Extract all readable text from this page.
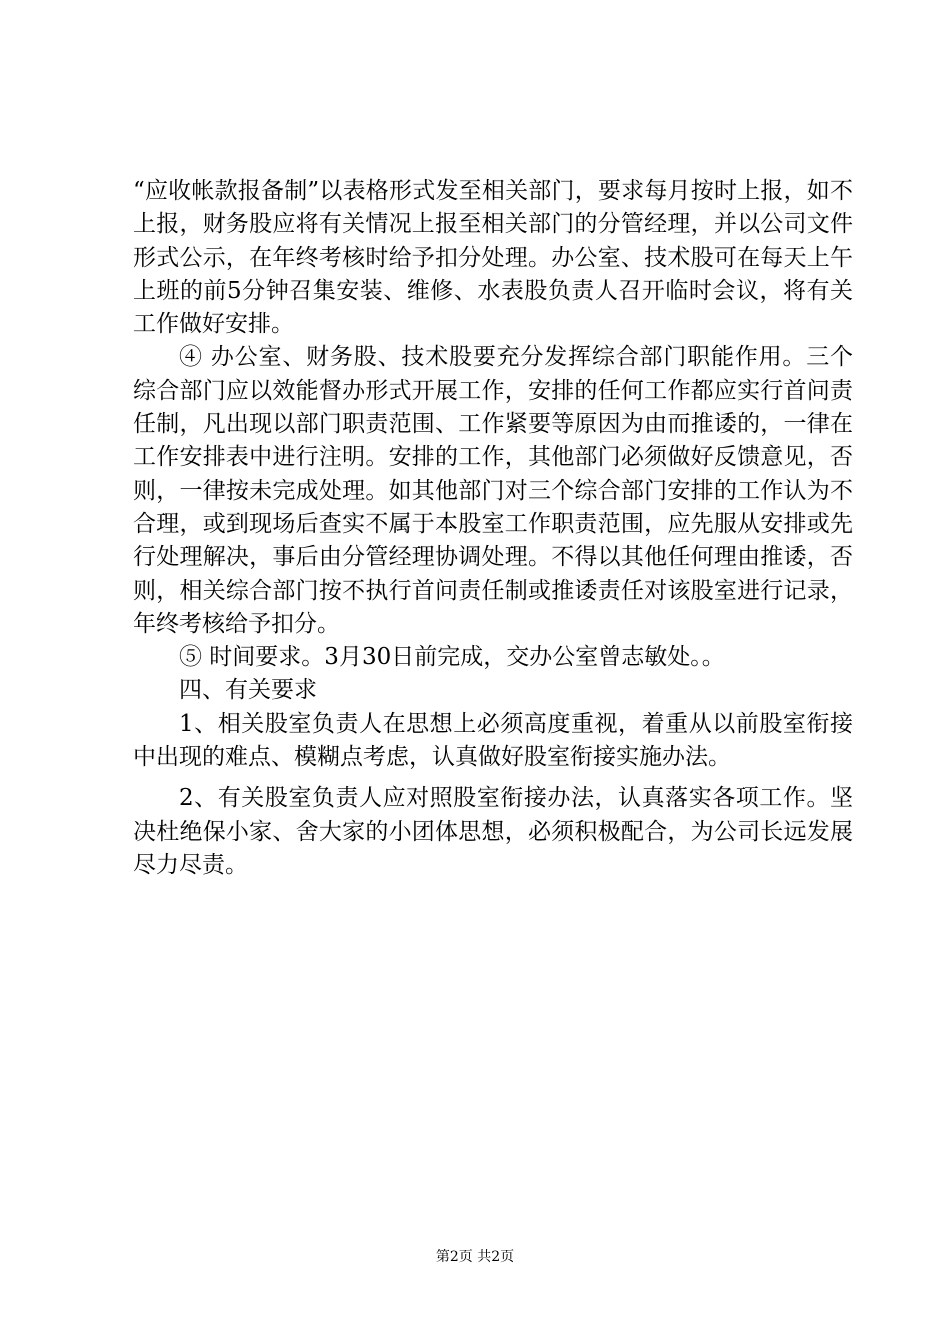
“应收帐款报备制”以表格形式发至相关部门，要求每月按时上报，如不上报，财务股应将有关情况上报至相关部门的分管经理，并以公司文件形式公示，在年终考核时给予扣分处理。办公室、技术股可在每天上午上班的前5分钟召集安装、维修、水表股负责人召开临时会议，将有关工作做好安排。

④ 办公室、财务股、技术股要充分发挥综合部门职能作用。三个综合部门应以效能督办形式开展工作，安排的任何工作都应实行首问责任制，凡出现以部门职责范围、工作紧要等原因为由而推诿的，一律在工作安排表中进行注明。安排的工作，其他部门必须做好反馈意见，否则，一律按未完成处理。如其他部门对三个综合部门安排的工作认为不合理，或到现场后查实不属于本股室工作职责范围，应先服从安排或先行处理解决，事后由分管经理协调处理。不得以其他任何理由推诿，否则，相关综合部门按不执行首问责任制或推诿责任对该股室进行记录，年终考核给予扣分。

⑤ 时间要求。3月30日前完成，交办公室曾志敏处。。

四、有关要求

1、相关股室负责人在思想上必须高度重视，着重从以前股室衔接中出现的难点、模糊点考虑，认真做好股室衔接实施办法。

2、有关股室负责人应对照股室衔接办法，认真落实各项工作。坚决杜绝保小家、舍大家的小团体思想，必须积极配合，为公司长远发展尽力尽责。

第2页 共2页
